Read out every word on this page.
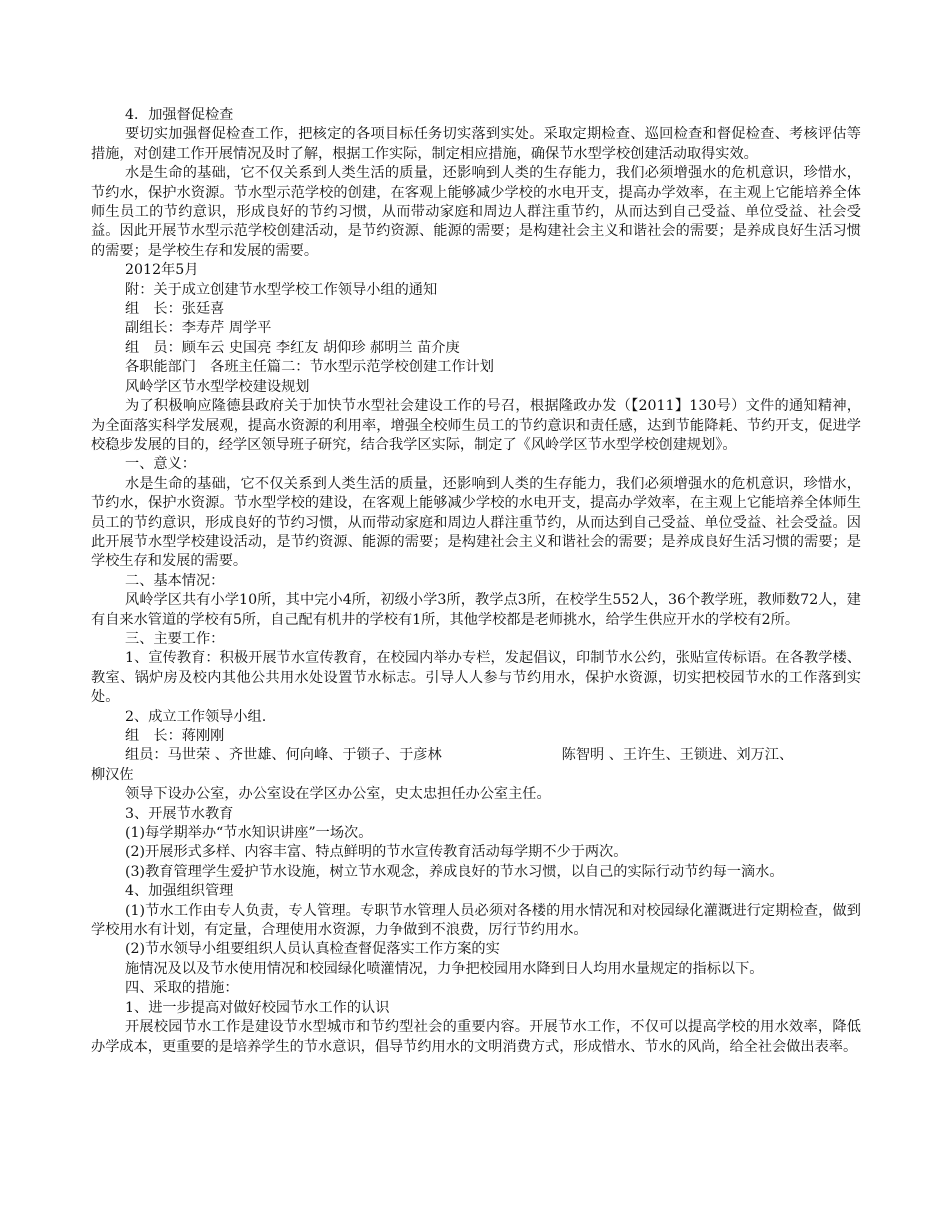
4．加强督促检查

要切实加强督促检查工作，把核定的各项目标任务切实落到实处。采取定期检查、巡回检查和督促检查、考核评估等措施，对创建工作开展情况及时了解，根据工作实际，制定相应措施，确保节水型学校创建活动取得实效。

水是生命的基础，它不仅关系到人类生活的质量，还影响到人类的生存能力，我们必须增强水的危机意识，珍惜水，节约水，保护水资源。节水型示范学校的创建，在客观上能够减少学校的水电开支，提高办学效率，在主观上它能培养全体师生员工的节约意识，形成良好的节约习惯，从而带动家庭和周边人群注重节约，从而达到自己受益、单位受益、社会受益。因此开展节水型示范学校创建活动，是节约资源、能源的需要；是构建社会主义和谐社会的需要；是养成良好生活习惯的需要；是学校生存和发展的需要。

2012年5月

附：关于成立创建节水型学校工作领导小组的通知

组　长：张廷喜

副组长：李寿芹 周学平

组　员：顾车云 史国亮 李红友 胡仰珍 郝明兰 苗介庚

各职能部门　各班主任篇二：节水型示范学校创建工作计划

风岭学区节水型学校建设规划

为了积极响应隆德县政府关于加快节水型社会建设工作的号召，根据隆政办发（【2011】130号）文件的通知精神，为全面落实科学发展观，提高水资源的利用率，增强全校师生员工的节约意识和责任感，达到节能降耗、节约开支，促进学校稳步发展的目的，经学区领导班子研究，结合我学区实际，制定了《风岭学区节水型学校创建规划》。

一、意义：

水是生命的基础，它不仅关系到人类生活的质量，还影响到人类的生存能力，我们必须增强水的危机意识，珍惜水，节约水，保护水资源。节水型学校的建设，在客观上能够减少学校的水电开支，提高办学效率，在主观上它能培养全体师生员工的节约意识，形成良好的节约习惯，从而带动家庭和周边人群注重节约，从而达到自己受益、单位受益、社会受益。因此开展节水型学校建设活动，是节约资源、能源的需要；是构建社会主义和谐社会的需要；是养成良好生活习惯的需要；是学校生存和发展的需要。

二、基本情况：

风岭学区共有小学10所，其中完小4所，初级小学3所，教学点3所，在校学生552人，36个教学班，教师数72人，建有自来水管道的学校有5所，自己配有机井的学校有1所，其他学校都是老师挑水，给学生供应开水的学校有2所。

三、主要工作：

1、宣传教育：积极开展节水宣传教育，在校园内举办专栏，发起倡议，印制节水公约，张贴宣传标语。在各教学楼、教室、锅炉房及校内其他公共用水处设置节水标志。引导人人参与节约用水，保护水资源，切实把校园节水的工作落到实处。

2、成立工作领导小组.

组　长：蒋刚刚

组员：马世荣 、齐世雄、何向峰、于锁子、于彦林	陈智明 、王许生、王锁进、刘万江、

柳汉佐

领导下设办公室，办公室设在学区办公室，史太忠担任办公室主任。

3、开展节水教育

(1)每学期举办“节水知识讲座”一场次。

(2)开展形式多样、内容丰富、特点鲜明的节水宣传教育活动每学期不少于两次。

(3)教育管理学生爱护节水设施，树立节水观念，养成良好的节水习惯，以自己的实际行动节约每一滴水。

4、加强组织管理

(1)节水工作由专人负责，专人管理。专职节水管理人员必须对各楼的用水情况和对校园绿化灌溉进行定期检查，做到学校用水有计划，有定量，合理使用水资源，力争做到不浪费，厉行节约用水。

(2)节水领导小组要组织人员认真检查督促落实工作方案的实

施情况及以及节水使用情况和校园绿化喷灌情况，力争把校园用水降到日人均用水量规定的指标以下。

四、采取的措施：

1、进一步提高对做好校园节水工作的认识

开展校园节水工作是建设节水型城市和节约型社会的重要内容。开展节水工作，不仅可以提高学校的用水效率，降低办学成本，更重要的是培养学生的节水意识，倡导节约用水的文明消费方式，形成惜水、节水的风尚，给全社会做出表率。
